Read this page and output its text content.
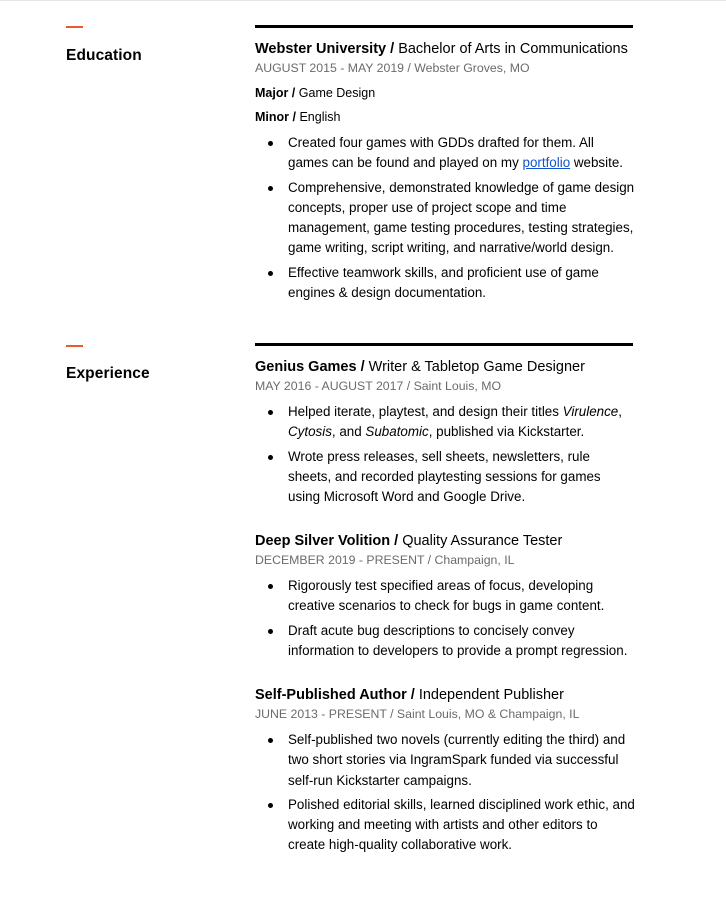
Education	Webster University / Bachelor of Arts in Communications
AUGUST 2015 - MAY 2019 / Webster Groves, MO
Major / Game Design
Minor / English
Created four games with GDDs drafted for them. All games can be found and played on my portfolio website.
Comprehensive, demonstrated knowledge of game design concepts, proper use of project scope and time management, game testing procedures, testing strategies, game writing, script writing, and narrative/world design.
Effective teamwork skills, and proficient use of game engines & design documentation.
Experience	Genius Games / Writer & Tabletop Game Designer
MAY 2016 - AUGUST 2017 / Saint Louis, MO
Helped iterate, playtest, and design their titles Virulence, Cytosis, and Subatomic, published via Kickstarter.
Wrote press releases, sell sheets, newsletters, rule sheets, and recorded playtesting sessions for games using Microsoft Word and Google Drive.
Deep Silver Volition / Quality Assurance Tester
DECEMBER 2019 - PRESENT / Champaign, IL
Rigorously test specified areas of focus, developing creative scenarios to check for bugs in game content.
Draft acute bug descriptions to concisely convey information to developers to provide a prompt regression.
Self-Published Author / Independent Publisher
JUNE 2013 - PRESENT / Saint Louis, MO & Champaign, IL
Self-published two novels (currently editing the third) and two short stories via IngramSpark funded via successful self-run Kickstarter campaigns.
Polished editorial skills, learned disciplined work ethic, and working and meeting with artists and other editors to create high-quality collaborative work.
